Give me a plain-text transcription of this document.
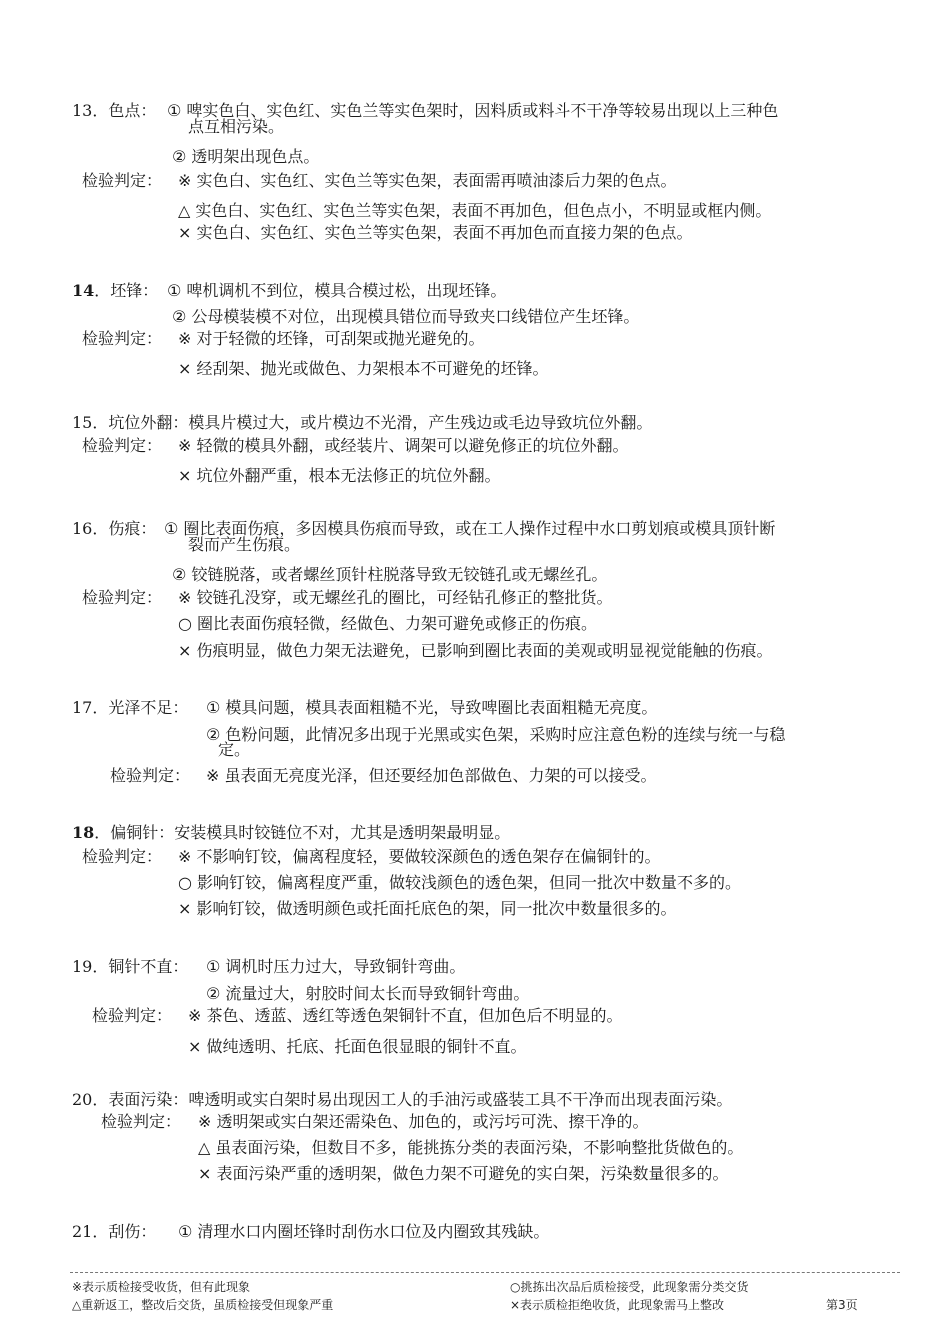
13．色点： ① 啤实色白、实色红、实色兰等实色架时，因料质或料斗不干净等较易出现以上三种色
点互相污染。
② 透明架出现色点。
检验判定： ※ 实色白、实色红、实色兰等实色架，表面需再喷油漆后力架的色点。
△ 实色白、实色红、实色兰等实色架，表面不再加色，但色点小，不明显或框内侧。
× 实色白、实色红、实色兰等实色架，表面不再加色而直接力架的色点。
14．坯锋： ① 啤机调机不到位，模具合模过松，出现坯锋。
② 公母模装模不对位，出现模具错位而导致夹口线错位产生坯锋。
检验判定： ※ 对于轻微的坯锋，可刮架或抛光避免的。
× 经刮架、抛光或做色、力架根本不可避免的坯锋。
15．坑位外翻：模具片模过大，或片模边不光滑，产生残边或毛边导致坑位外翻。
检验判定： ※ 轻微的模具外翻，或经装片、调架可以避免修正的坑位外翻。
× 坑位外翻严重，根本无法修正的坑位外翻。
16．伤痕： ① 圈比表面伤痕，多因模具伤痕而导致，或在工人操作过程中水口剪划痕或模具顶针断
裂而产生伤痕。
② 铰链脱落，或者螺丝顶针柱脱落导致无铰链孔或无螺丝孔。
检验判定： ※ 铰链孔没穿，或无螺丝孔的圈比，可经钻孔修正的整批货。
○ 圈比表面伤痕轻微，经做色、力架可避免或修正的伤痕。
× 伤痕明显，做色力架无法避免，已影响到圈比表面的美观或明显视觉能触的伤痕。
17．光泽不足： ① 模具问题，模具表面粗糙不光，导致啤圈比表面粗糙无亮度。
② 色粉问题，此情况多出现于光黑或实色架，采购时应注意色粉的连续与统一与稳
定。
检验判定： ※ 虽表面无亮度光泽，但还要经加色部做色、力架的可以接受。
18．偏铜针：安装模具时铰链位不对，尤其是透明架最明显。
检验判定： ※ 不影响钉铰，偏离程度轻，要做较深颜色的透色架存在偏铜针的。
○ 影响钉铰，偏离程度严重，做较浅颜色的透色架，但同一批次中数量不多的。
× 影响钉铰，做透明颜色或托面托底色的架，同一批次中数量很多的。
19．铜针不直： ① 调机时压力过大，导致铜针弯曲。
② 流量过大，射胶时间太长而导致铜针弯曲。
检验判定： ※ 茶色、透蓝、透红等透色架铜针不直，但加色后不明显的。
× 做纯透明、托底、托面色很显眼的铜针不直。
20．表面污染：啤透明或实白架时易出现因工人的手油污或盛装工具不干净而出现表面污染。
检验判定： ※ 透明架或实白架还需染色、加色的，或污圬可洗、擦干净的。
△ 虽表面污染，但数目不多，能挑拣分类的表面污染，不影响整批货做色的。
× 表面污染严重的透明架，做色力架不可避免的实白架，污染数量很多的。
21．刮伤： ① 清理水口内圈坯锋时刮伤水口位及内圈致其残缺。
※表示质检接受收货，但有此现象
△重新返工，整改后交货，虽质检接受但现象严重
○挑拣出次品后质检接受，此现象需分类交货
×表示质检拒绝收货，此现象需马上整改	第3页
